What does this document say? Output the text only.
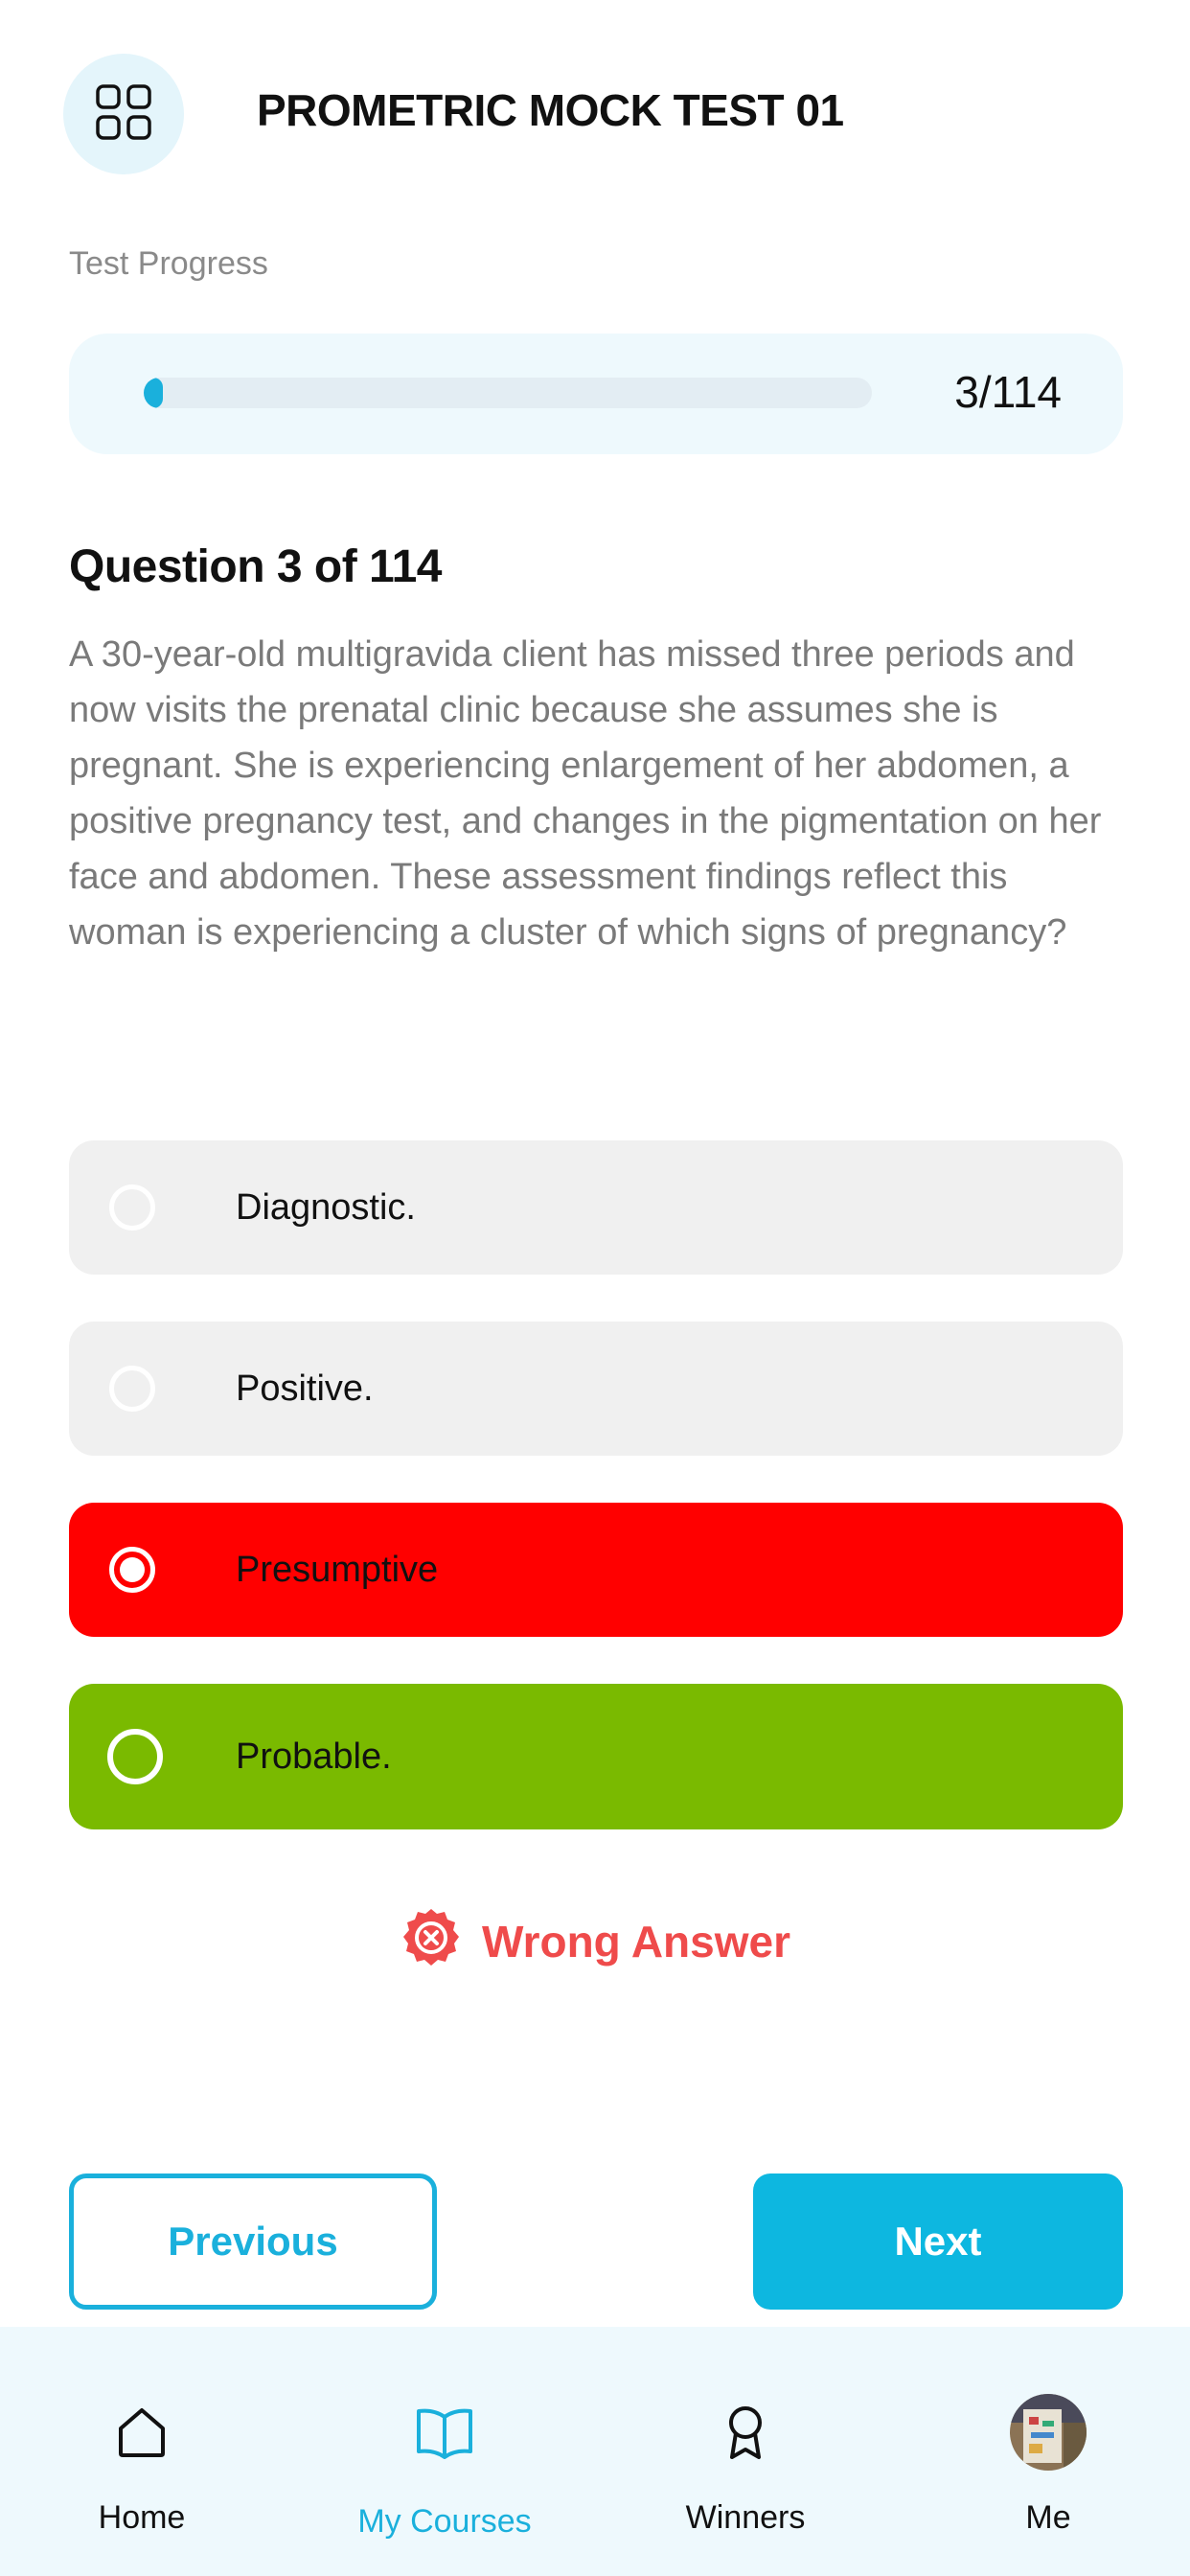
PROMETRIC MOCK TEST 01
Test Progress
3/114
Question 3 of 114

A 30-year-old multigravida client has missed three periods and now visits the prenatal clinic because she assumes she is pregnant. She is experiencing enlargement of her abdomen, a positive pregnancy test, and changes in the pigmentation on her face and abdomen. These assessment findings reflect this woman is experiencing a cluster of which signs of pregnancy?

Diagnostic.
Positive.
Presumptive
Probable.
Wrong Answer
Previous	Next
Home	My Courses	Winners	Me
